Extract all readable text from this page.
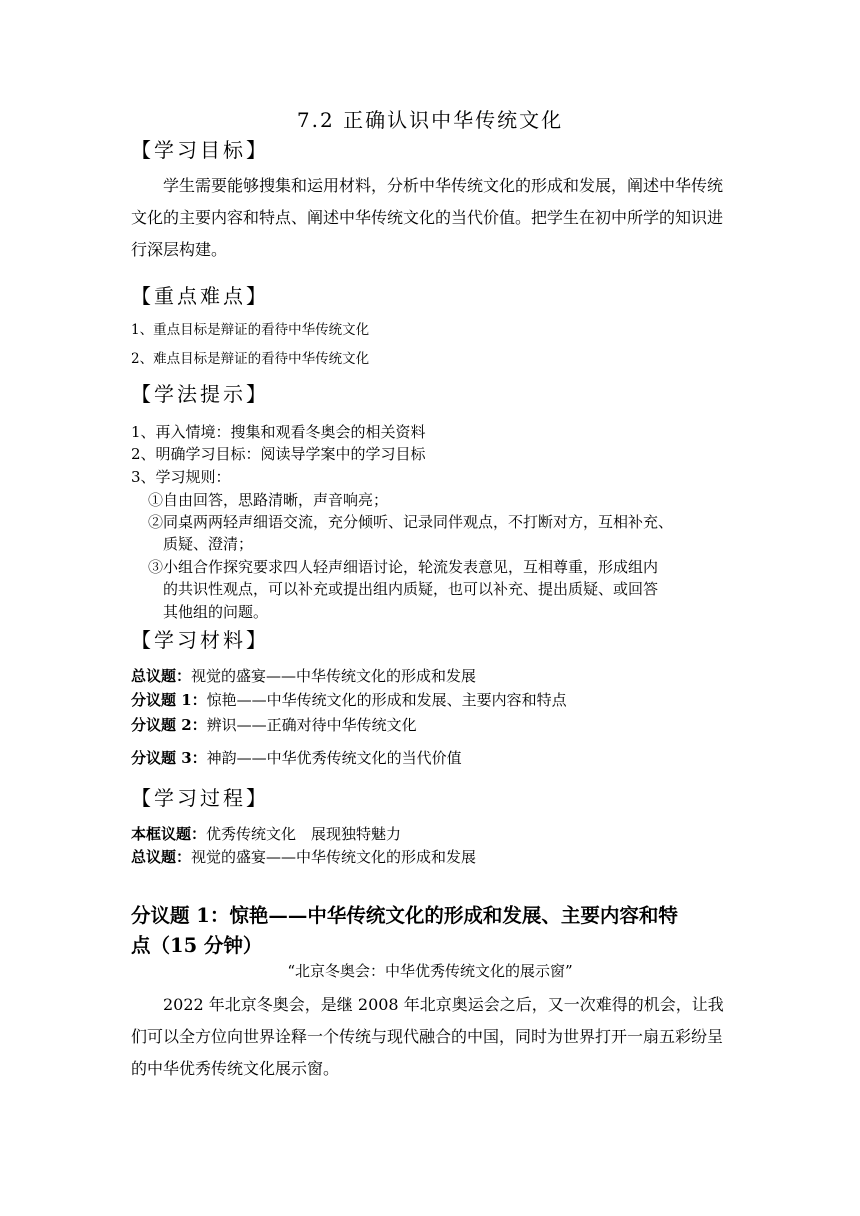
7.2 正确认识中华传统文化
【学习目标】

学生需要能够搜集和运用材料，分析中华传统文化的形成和发展，阐述中华传统文化的主要内容和特点、阐述中华传统文化的当代价值。把学生在初中所学的知识进行深层构建。

【重点难点】
1、重点目标是辩证的看待中华传统文化
2、难点目标是辩证的看待中华传统文化
【学法提示】
1、再入情境：搜集和观看冬奥会的相关资料
2、明确学习目标：阅读导学案中的学习目标
3、学习规则：
①自由回答，思路清晰，声音响亮；
②同桌两两轻声细语交流，充分倾听、记录同伴观点，不打断对方，互相补充、
质疑、澄清；
③小组合作探究要求四人轻声细语讨论，轮流发表意见，互相尊重，形成组内
的共识性观点，可以补充或提出组内质疑，也可以补充、提出质疑、或回答
其他组的问题。
【学习材料】
总议题：视觉的盛宴——中华传统文化的形成和发展
分议题 1：惊艳——中华传统文化的形成和发展、主要内容和特点
分议题 2：辨识——正确对待中华传统文化
分议题 3：神韵——中华优秀传统文化的当代价值
【学习过程】
本框议题：优秀传统文化　展现独特魅力
总议题：视觉的盛宴——中华传统文化的形成和发展
分议题 1：惊艳——中华传统文化的形成和发展、主要内容和特
点（15 分钟）
“北京冬奥会：中华优秀传统文化的展示窗”

2022 年北京冬奥会，是继 2008 年北京奥运会之后，又一次难得的机会，让我们可以全方位向世界诠释一个传统与现代融合的中国，同时为世界打开一扇五彩纷呈的中华优秀传统文化展示窗。
